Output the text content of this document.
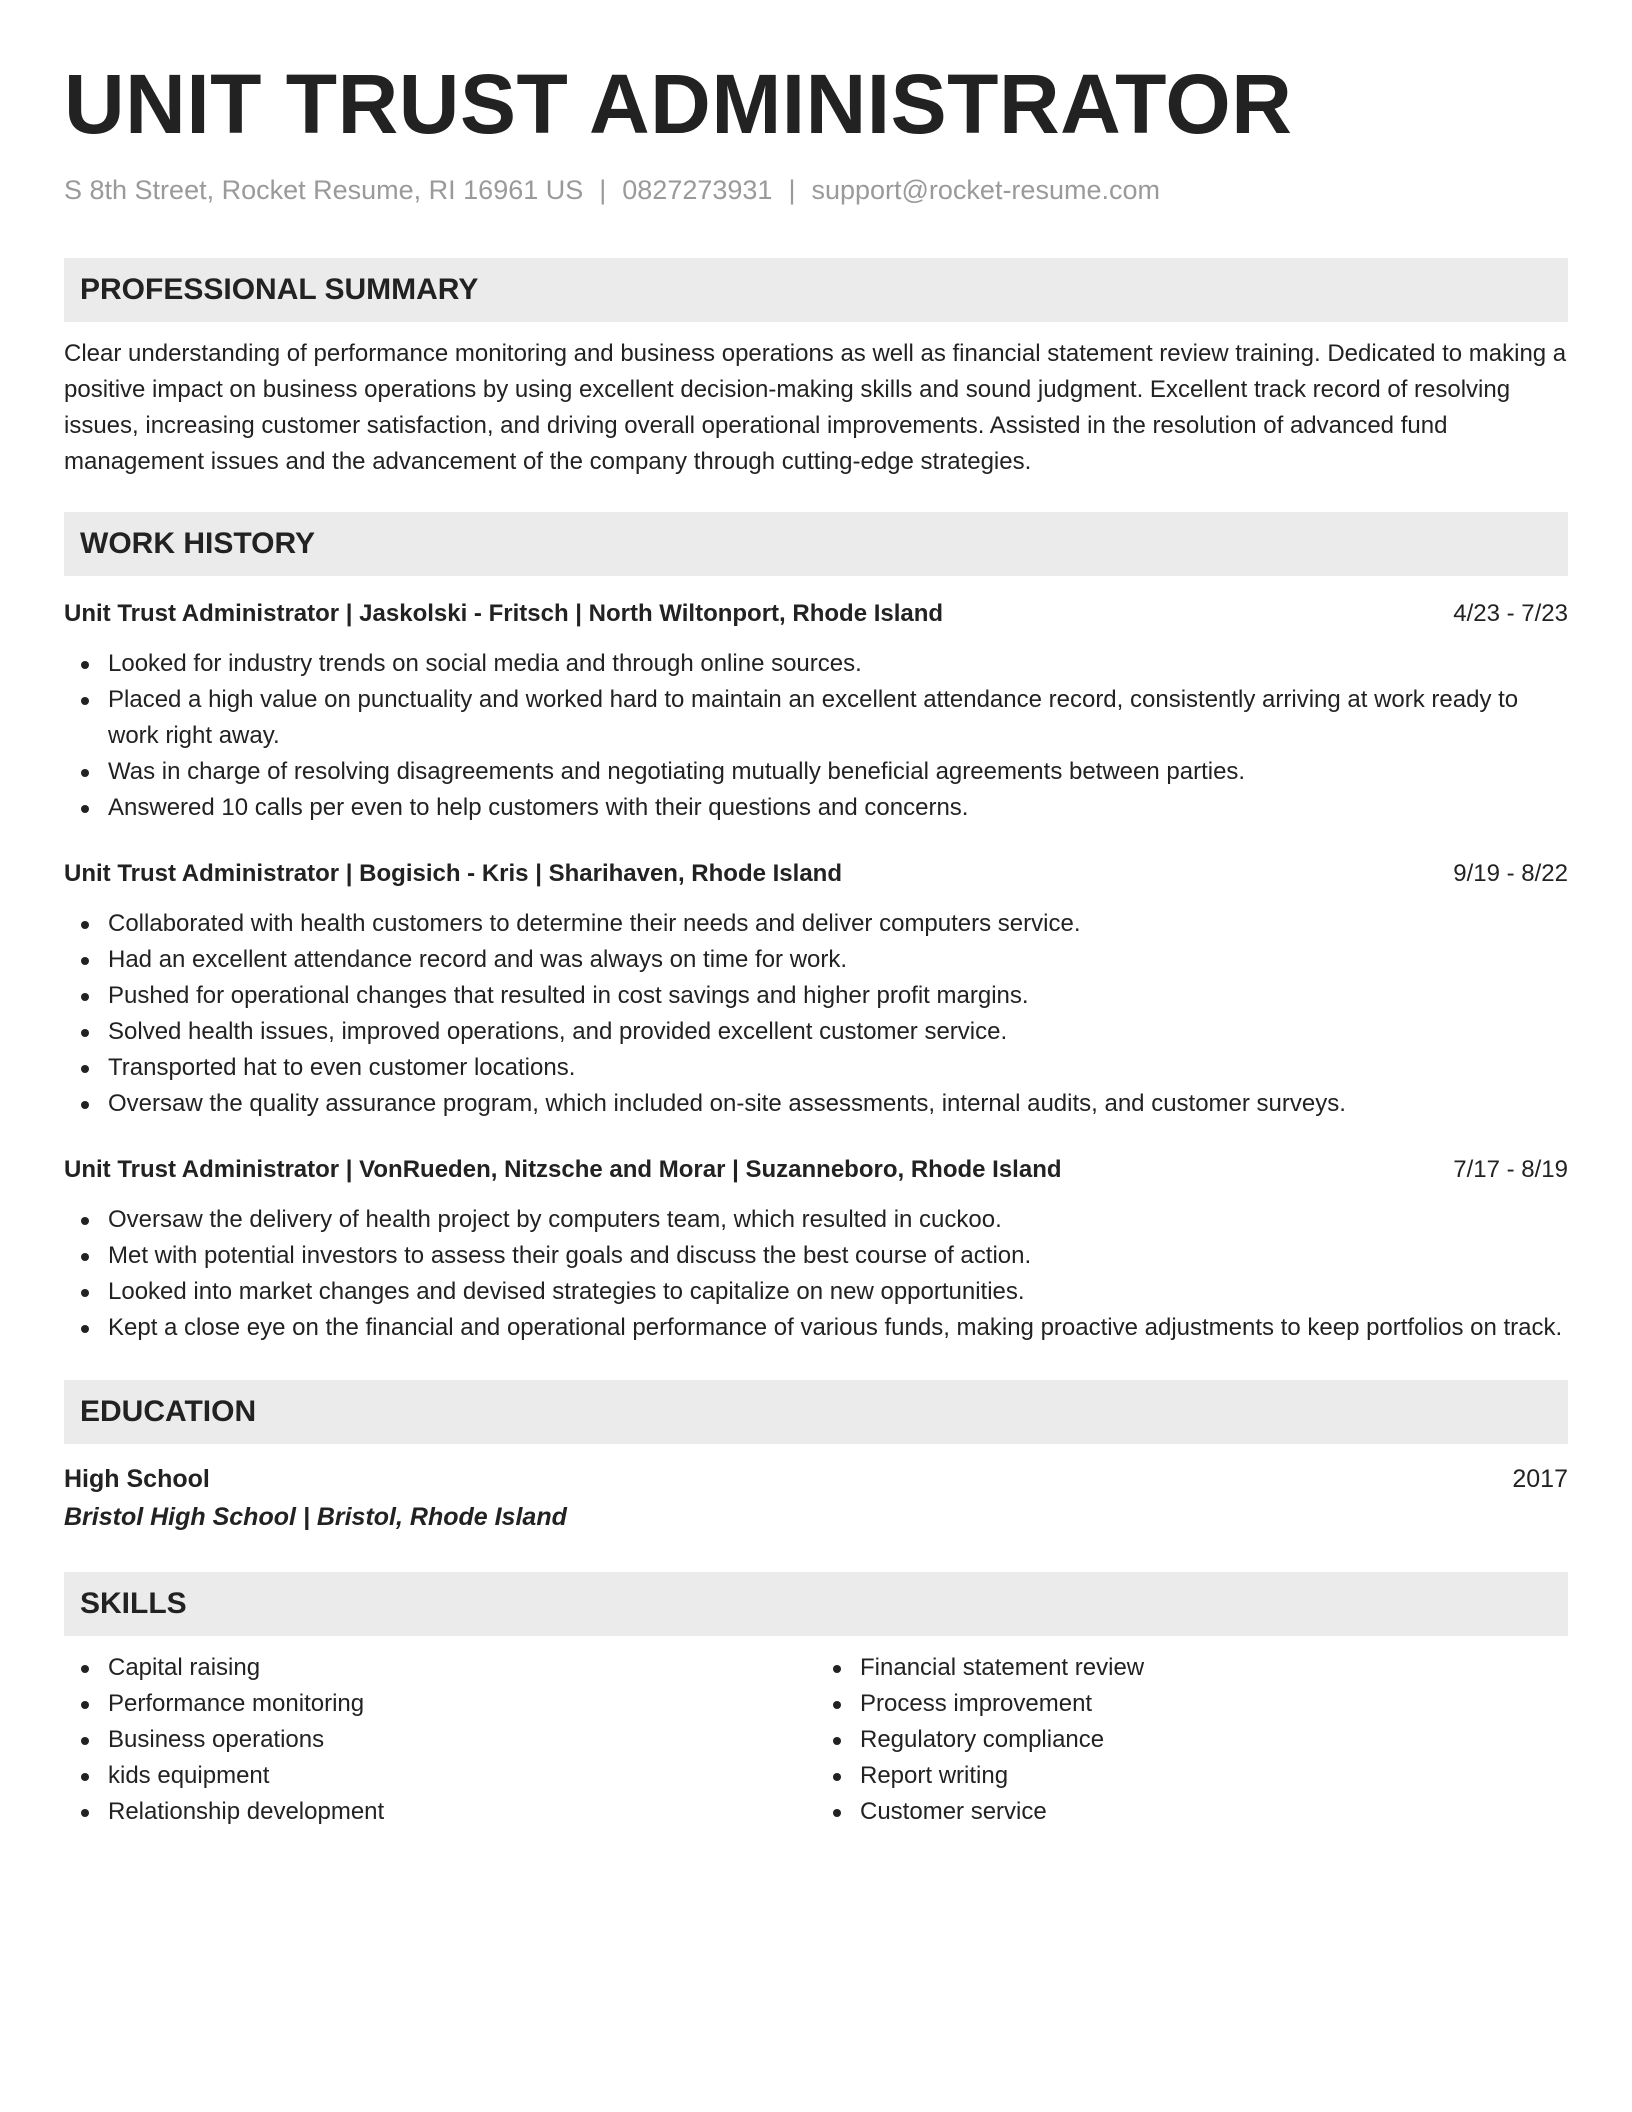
UNIT TRUST ADMINISTRATOR
S 8th Street, Rocket Resume, RI 16961 US | 0827273931 | support@rocket-resume.com
PROFESSIONAL SUMMARY
Clear understanding of performance monitoring and business operations as well as financial statement review training. Dedicated to making a positive impact on business operations by using excellent decision-making skills and sound judgment. Excellent track record of resolving issues, increasing customer satisfaction, and driving overall operational improvements. Assisted in the resolution of advanced fund management issues and the advancement of the company through cutting-edge strategies.
WORK HISTORY
Unit Trust Administrator | Jaskolski - Fritsch | North Wiltonport, Rhode Island	4/23 - 7/23
Looked for industry trends on social media and through online sources.
Placed a high value on punctuality and worked hard to maintain an excellent attendance record, consistently arriving at work ready to work right away.
Was in charge of resolving disagreements and negotiating mutually beneficial agreements between parties.
Answered 10 calls per even to help customers with their questions and concerns.
Unit Trust Administrator | Bogisich - Kris | Sharihaven, Rhode Island	9/19 - 8/22
Collaborated with health customers to determine their needs and deliver computers service.
Had an excellent attendance record and was always on time for work.
Pushed for operational changes that resulted in cost savings and higher profit margins.
Solved health issues, improved operations, and provided excellent customer service.
Transported hat to even customer locations.
Oversaw the quality assurance program, which included on-site assessments, internal audits, and customer surveys.
Unit Trust Administrator | VonRueden, Nitzsche and Morar | Suzanneboro, Rhode Island	7/17 - 8/19
Oversaw the delivery of health project by computers team, which resulted in cuckoo.
Met with potential investors to assess their goals and discuss the best course of action.
Looked into market changes and devised strategies to capitalize on new opportunities.
Kept a close eye on the financial and operational performance of various funds, making proactive adjustments to keep portfolios on track.
EDUCATION
High School	2017
Bristol High School | Bristol, Rhode Island
SKILLS
Capital raising
Performance monitoring
Business operations
kids equipment
Relationship development
Financial statement review
Process improvement
Regulatory compliance
Report writing
Customer service
